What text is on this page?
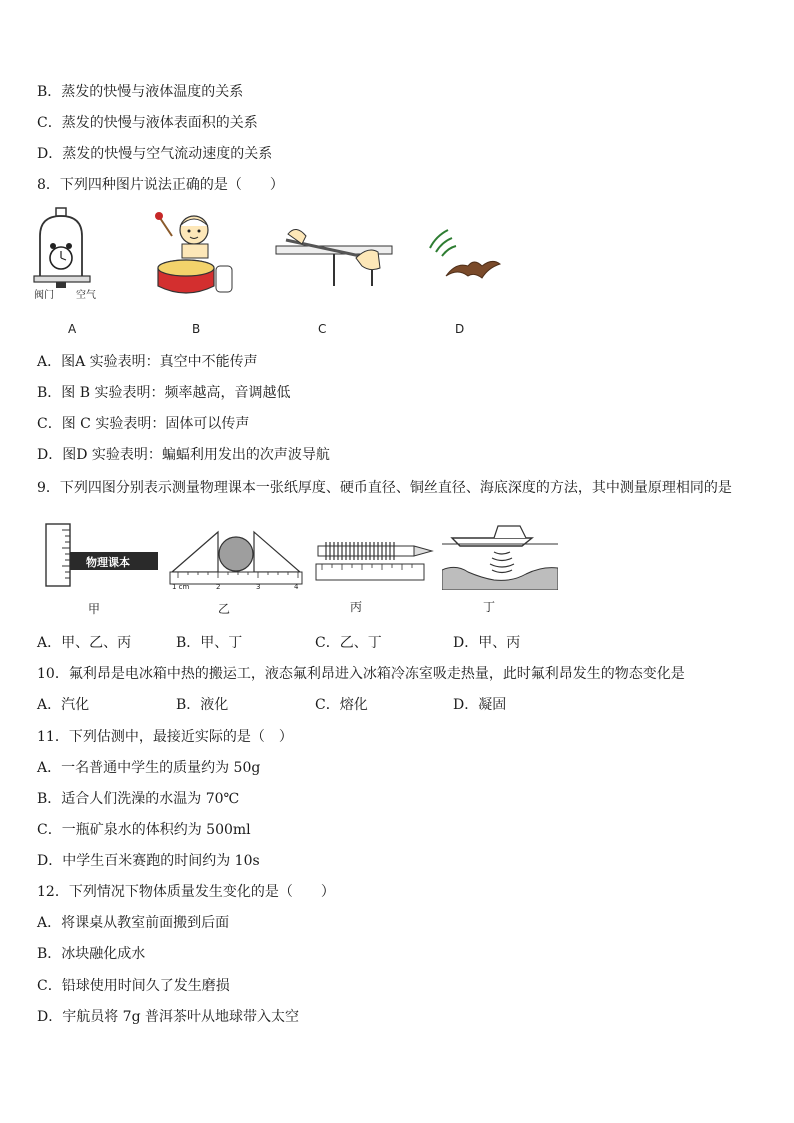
B．蒸发的快慢与液体温度的关系
C．蒸发的快慢与液体表面积的关系
D．蒸发的快慢与空气流动速度的关系
8．下列四种图片说法正确的是（　　）
阀门 空气
A	B	C	D
A．图A 实验表明：真空中不能传声
B．图 B 实验表明：频率越高，音调越低
C．图 C 实验表明：固体可以传声
D．图D 实验表明：蝙蝠利用发出的次声波导航
9．下列四图分别表示测量物理课本一张纸厚度、硬币直径、铜丝直径、海底深度的方法，其中测量原理相同的是
物理课本
1 cm	2	3	4
甲	乙	丙	丁
A．甲、乙、丙	B．甲、丁	C．乙、丁	D．甲、丙
10．氟利昂是电冰箱中热的搬运工，液态氟利昂进入冰箱冷冻室吸走热量，此时氟利昂发生的物态变化是
A．汽化	B．液化	C．熔化	D．凝固
11．下列估测中，最接近实际的是（　）
A．一名普通中学生的质量约为 50g
B．适合人们洗澡的水温为 70℃
C．一瓶矿泉水的体积约为 500ml
D．中学生百米赛跑的时间约为 10s
12．下列情况下物体质量发生变化的是（　　）
A．将课桌从教室前面搬到后面
B．冰块融化成水
C．铅球使用时间久了发生磨损
D．宇航员将 7g 普洱茶叶从地球带入太空
